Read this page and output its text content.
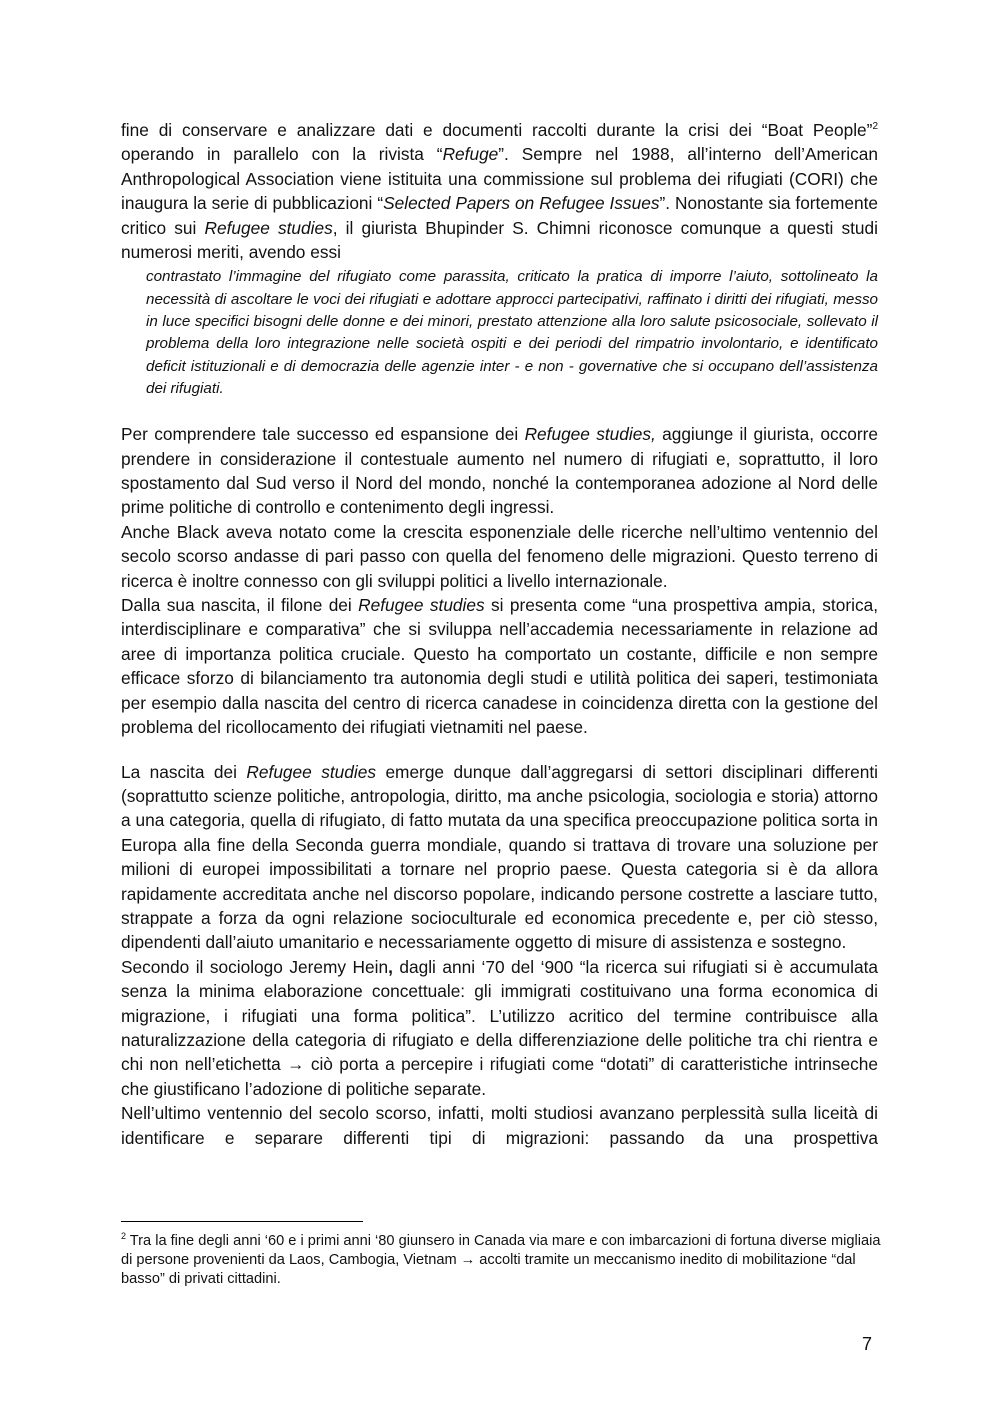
fine di conservare e analizzare dati e documenti raccolti durante la crisi dei “Boat People”$^2$ operando in parallelo con la rivista “Refuge”. Sempre nel 1988, all’interno dell’American Anthropological Association viene istituita una commissione sul problema dei rifugiati (CORI) che inaugura la serie di pubblicazioni “Selected Papers on Refugee Issues”. Nonostante sia fortemente critico sui Refugee studies, il giurista Bhupinder S. Chimni riconosce comunque a questi studi numerosi meriti, avendo essi

contrastato l’immagine del rifugiato come parassita, criticato la pratica di imporre l’aiuto, sottolineato la necessità di ascoltare le voci dei rifugiati e adottare approcci partecipativi, raffinato i diritti dei rifugiati, messo in luce specifici bisogni delle donne e dei minori, prestato attenzione alla loro salute psicosociale, sollevato il problema della loro integrazione nelle società ospiti e dei periodi del rimpatrio involontario, e identificato deficit istituzionali e di democrazia delle agenzie inter - e non - governative che si occupano dell’assistenza dei rifugiati.

Per comprendere tale successo ed espansione dei Refugee studies, aggiunge il giurista, occorre prendere in considerazione il contestuale aumento nel numero di rifugiati e, soprattutto, il loro spostamento dal Sud verso il Nord del mondo, nonché la contemporanea adozione al Nord delle prime politiche di controllo e contenimento degli ingressi.

Anche Black aveva notato come la crescita esponenziale delle ricerche nell’ultimo ventennio del secolo scorso andasse di pari passo con quella del fenomeno delle migrazioni. Questo terreno di ricerca è inoltre connesso con gli sviluppi politici a livello internazionale.

Dalla sua nascita, il filone dei Refugee studies si presenta come “una prospettiva ampia, storica, interdisciplinare e comparativa” che si sviluppa nell’accademia necessariamente in relazione ad aree di importanza politica cruciale. Questo ha comportato un costante, difficile e non sempre efficace sforzo di bilanciamento tra autonomia degli studi e utilità politica dei saperi, testimoniata per esempio dalla nascita del centro di ricerca canadese in coincidenza diretta con la gestione del problema del ricollocamento dei rifugiati vietnamiti nel paese.

La nascita dei Refugee studies emerge dunque dall’aggregarsi di settori disciplinari differenti (soprattutto scienze politiche, antropologia, diritto, ma anche psicologia, sociologia e storia) attorno a una categoria, quella di rifugiato, di fatto mutata da una specifica preoccupazione politica sorta in Europa alla fine della Seconda guerra mondiale, quando si trattava di trovare una soluzione per milioni di europei impossibilitati a tornare nel proprio paese. Questa categoria si è da allora rapidamente accreditata anche nel discorso popolare, indicando persone costrette a lasciare tutto, strappate a forza da ogni relazione socioculturale ed economica precedente e, per ciò stesso, dipendenti dall’aiuto umanitario e necessariamente oggetto di misure di assistenza e sostegno.

Secondo il sociologo Jeremy Hein, dagli anni ‘70 del ‘900 “la ricerca sui rifugiati si è accumulata senza la minima elaborazione concettuale: gli immigrati costituivano una forma economica di migrazione, i rifugiati una forma politica”. L’utilizzo acritico del termine contribuisce alla naturalizzazione della categoria di rifugiato e della differenziazione delle politiche tra chi rientra e chi non nell’etichetta → ciò porta a percepire i rifugiati come “dotati” di caratteristiche intrinseche che giustificano l’adozione di politiche separate.

Nell’ultimo ventennio del secolo scorso, infatti, molti studiosi avanzano perplessità sulla liceità di identificare e separare differenti tipi di migrazioni: passando da una prospettiva

$^2$ Tra la fine degli anni ‘60 e i primi anni ‘80 giunsero in Canada via mare e con imbarcazioni di fortuna diverse migliaia di persone provenienti da Laos, Cambogia, Vietnam → accolti tramite un meccanismo inedito di mobilitazione “dal basso” di privati cittadini.
7
